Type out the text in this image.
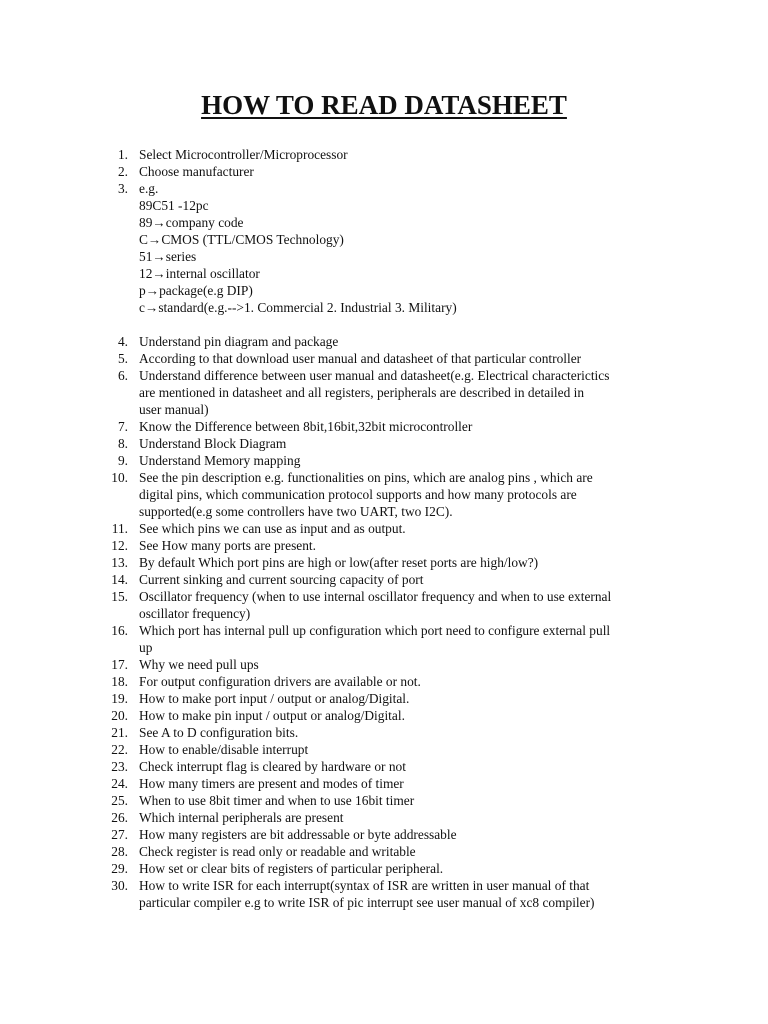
HOW TO READ DATASHEET
1. Select Microcontroller/Microprocessor
2. Choose manufacturer
3. e.g.
89C51 -12pc
89→company code
C→CMOS (TTL/CMOS Technology)
51→series
12→internal oscillator
p→package(e.g DIP)
c→standard(e.g.-->1. Commercial 2. Industrial 3. Military)
4. Understand pin diagram and package
5. According to that download user manual and datasheet of that particular controller
6. Understand difference between user manual and datasheet(e.g. Electrical characterictics
are mentioned in datasheet and all registers, peripherals are described in detailed in
user manual)
7. Know the Difference between 8bit,16bit,32bit microcontroller
8. Understand Block Diagram
9. Understand Memory mapping
10. See the pin description e.g. functionalities on pins, which are analog pins , which are
digital pins, which communication protocol supports and how many protocols are
supported(e.g some controllers have two UART, two I2C).
11. See which pins we can use as input and as output.
12. See How many ports are present.
13. By default Which port pins are high or low(after reset ports are high/low?)
14. Current sinking and current sourcing capacity of port
15. Oscillator frequency (when to use internal oscillator frequency and when to use external
oscillator frequency)
16. Which port has internal pull up configuration which port need to configure external pull
up
17. Why we need pull ups
18. For output configuration drivers are available or not.
19. How to make port input / output or analog/Digital.
20. How to make pin input / output or analog/Digital.
21. See A to D configuration bits.
22. How to enable/disable interrupt
23. Check interrupt flag is cleared by hardware or not
24. How many timers are present and modes of timer
25. When to use 8bit timer and when to use 16bit timer
26. Which internal peripherals are present
27. How many registers are bit addressable or byte addressable
28. Check register is read only or readable and writable
29. How set or clear bits of registers of particular peripheral.
30. How to write ISR for each interrupt(syntax of ISR are written in user manual of that
particular compiler e.g to write ISR of pic interrupt see user manual of xc8 compiler)
